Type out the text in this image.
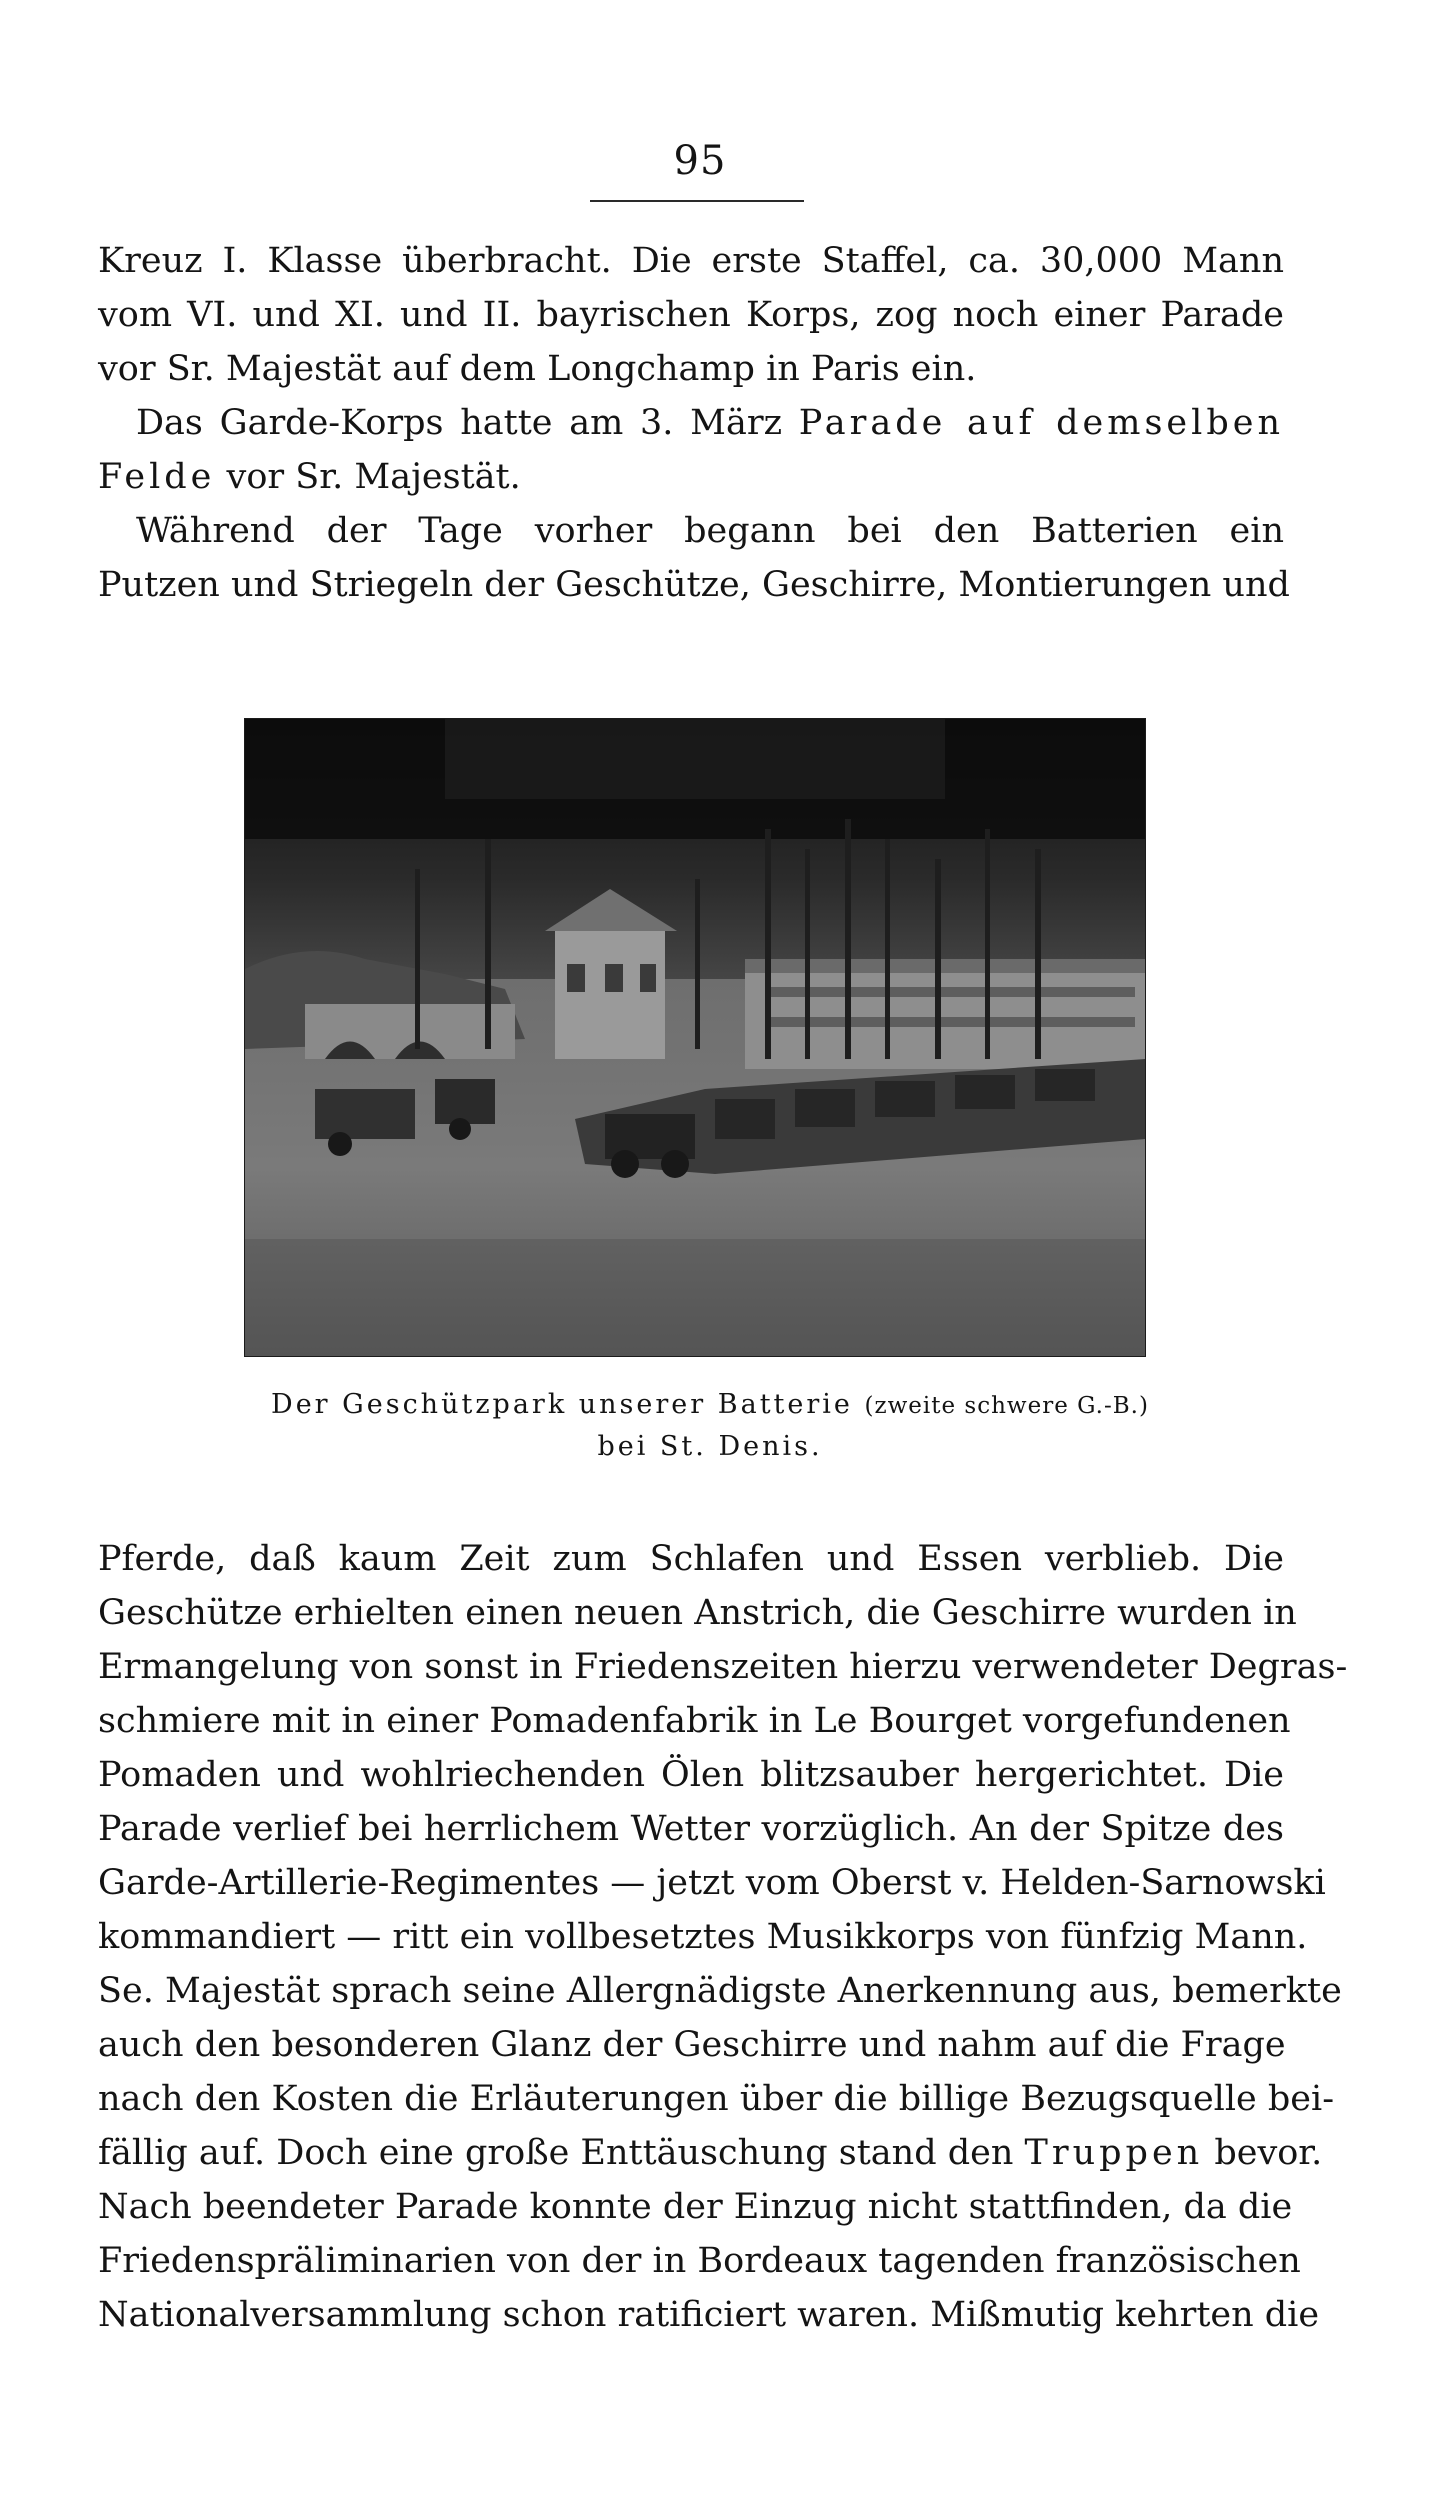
95
Kreuz I. Klasse überbracht. Die erste Staffel, ca. 30,000 Mann
vom VI. und XI. und II. bayrischen Korps, zog noch einer Parade
vor Sr. Majestät auf dem Longchamp in Paris ein.
Das Garde-Korps hatte am 3. März Parade auf demselben
Felde vor Sr. Majestät.
Während der Tage vorher begann bei den Batterien ein
Putzen und Striegeln der Geschütze, Geschirre, Montierungen und
Der Geschützpark unserer Batterie (zweite schwere G.-B.)
bei St. Denis.
Pferde, daß kaum Zeit zum Schlafen und Essen verblieb. Die
Geschütze erhielten einen neuen Anstrich, die Geschirre wurden in
Ermangelung von sonst in Friedenszeiten hierzu verwendeter Degras-
schmiere mit in einer Pomadenfabrik in Le Bourget vorgefundenen
Pomaden und wohlriechenden Ölen blitzsauber hergerichtet. Die
Parade verlief bei herrlichem Wetter vorzüglich. An der Spitze des
Garde-Artillerie-Regimentes — jetzt vom Oberst v. Helden-Sarnowski
kommandiert — ritt ein vollbesetztes Musikkorps von fünfzig Mann.
Se. Majestät sprach seine Allergnädigste Anerkennung aus, bemerkte
auch den besonderen Glanz der Geschirre und nahm auf die Frage
nach den Kosten die Erläuterungen über die billige Bezugsquelle bei-
fällig auf. Doch eine große Enttäuschung stand den Truppen bevor.
Nach beendeter Parade konnte der Einzug nicht stattfinden, da die
Friedenspräliminarien von der in Bordeaux tagenden französischen
Nationalversammlung schon ratificiert waren. Mißmutig kehrten die
